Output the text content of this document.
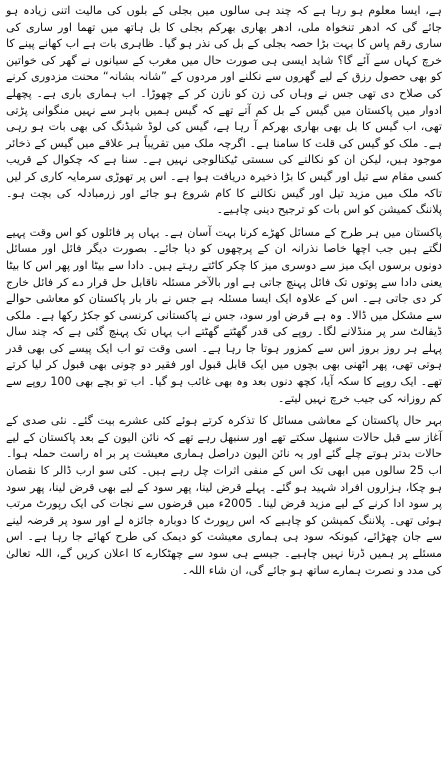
ہے، ایسا معلوم ہو رہا ہے کہ چند ہی سالوں میں بجلی کے بلوں کی مالیت اتنی زیادہ ہو جائے گی کہ ادھر تنخواہ ملی، ادھر بھاری بھرکم بجلی کا بل ہاتھ میں تھما اور ساری کی ساری رقم پاس کا بہت بڑا حصہ بجلی کے بل کی نذر ہو گیا۔ ظاہری بات ہے اب کھانے پینے کا خرچ کہاں سے آئے گا؟ شاید ایسی ہی صورت حال میں مغرب کے سیانوں نے گھر کی خواتین کو بھی حصول رزق کے لیے گھروں سے نکلنے اور مردوں کے ”شانہ بشانہ“ محنت مزدوری کرنے کی صلاح دی تھی جس نے وہاں کی زن کو نازن کر کے چھوڑا۔ اب ہماری باری ہے۔ پچھلے ادوار میں پاکستان میں گیس کے بل کم آتے تھے کہ گیس ہمیں باہر سے نہیں منگوانی پڑتی تھی، اب گیس کا بل بھی بھاری بھرکم آ رہا ہے، گیس کی لوڈ شیڈنگ کی بھی بات ہو رہی ہے۔ ملک کو گیس کی قلت کا سامنا ہے۔ اگرچہ ملک میں تقریباً ہر علاقے میں گیس کے ذخائر موجود ہیں، لیکن ان کو نکالنے کی سستی ٹیکنالوجی نہیں ہے۔ سنا ہے کہ چکوال کے قریب کسی مقام سے تیل اور گیس کا بڑا ذخیرہ دریافت ہوا ہے۔ اس پر تھوڑی سرمایہ کاری کر لیں تاکہ ملک میں مزید تیل اور گیس نکالنے کا کام شروع ہو جائے اور زرمبادلہ کی بچت ہو۔ پلاننگ کمیشن کو اس بات کو ترجیح دینی چاہیے۔

پاکستان میں ہر طرح کے مسائل کھڑے کرنا بہت آسان ہے۔ یہاں پر فائلوں کو اس وقت پہیے لگتے ہیں جب اچھا خاصا نذرانہ ان کے پرچھوں کو دیا جائے۔ بصورت دیگر فائل اور مسائل دونوں برسوں ایک میز سے دوسری میز کا چکر کاٹتے رہتے ہیں۔ دادا سے بیٹا اور پھر اس کا بیٹا یعنی دادا سے پوتوں تک فائل پہنچ جاتی ہے اور بالآخر مسئلہ ناقابل حل قرار دے کر فائل خارج کر دی جاتی ہے۔ اس کے علاوہ ایک ایسا مسئلہ ہے جس نے بار بار پاکستان کو معاشی حوالے سے مشکل میں ڈالا۔ وہ ہے قرض اور سود، جس نے پاکستانی کرنسی کو جکڑ رکھا ہے۔ ملکی ڈیفالٹ سر پر منڈلانے لگا۔ روپے کی قدر گھٹتے گھٹتے اب یہاں تک پہنچ گئی ہے کہ چند سال پہلے ہر روز بروز اس سے کمزور ہوتا جا رہا ہے۔ اسی وقت تو اب ایک پیسے کی بھی قدر ہوتی تھی، پھر اٹھنی بھی بچوں میں ایک قابل قبول اور فقیر دو چونی بھی قبول کر لیا کرتے تھے۔ ایک روپے کا سکہ آیا، کچھ دنوں بعد وہ بھی غائب ہو گیا۔ اب تو بچے بھی 100 روپے سے کم روزانہ کی جیب خرچ نہیں لیتے۔

بہر حال پاکستان کے معاشی مسائل کا تذکرہ کرتے ہوئے کئی عشرے بیت گئے۔ نئی صدی کے آغاز سے قبل حالات سنبھل سکتے تھے اور سنبھل رہے تھے کہ نائن الیون کے بعد پاکستان کے لیے حالات بدتر ہوتے چلے گئے اور یہ نائن الیون دراصل ہماری معیشت پر بر اہ راست حملہ ہوا۔ اب 25 سالوں میں ابھی تک اس کے منفی اثرات چل رہے ہیں۔ کئی سو ارب ڈالر کا نقصان ہو چکا، ہزاروں افراد شہید ہو گئے۔ پہلے قرض لینا، پھر سود کے لیے بھی قرض لینا، پھر سود پر سود ادا کرنے کے لیے مزید قرض لینا۔ 2005ء میں قرضوں سے نجات کی ایک رپورٹ مرتب ہوئی تھی۔ پلاننگ کمیشن کو چاہیے کہ اس رپورٹ کا دوبارہ جائزہ لے اور سود پر قرضہ لینے سے جان چھڑائے، کیونکہ سود ہی ہماری معیشت کو دیمک کی طرح کھائے جا رہا ہے۔ اس مسئلے پر ہمیں ڈرنا نہیں چاہیے۔ جیسے ہی سود سے چھٹکارے کا اعلان کریں گے، اللہ تعالیٰ کی مدد و نصرت ہمارے ساتھ ہو جائے گی، ان شاء اللہ۔
